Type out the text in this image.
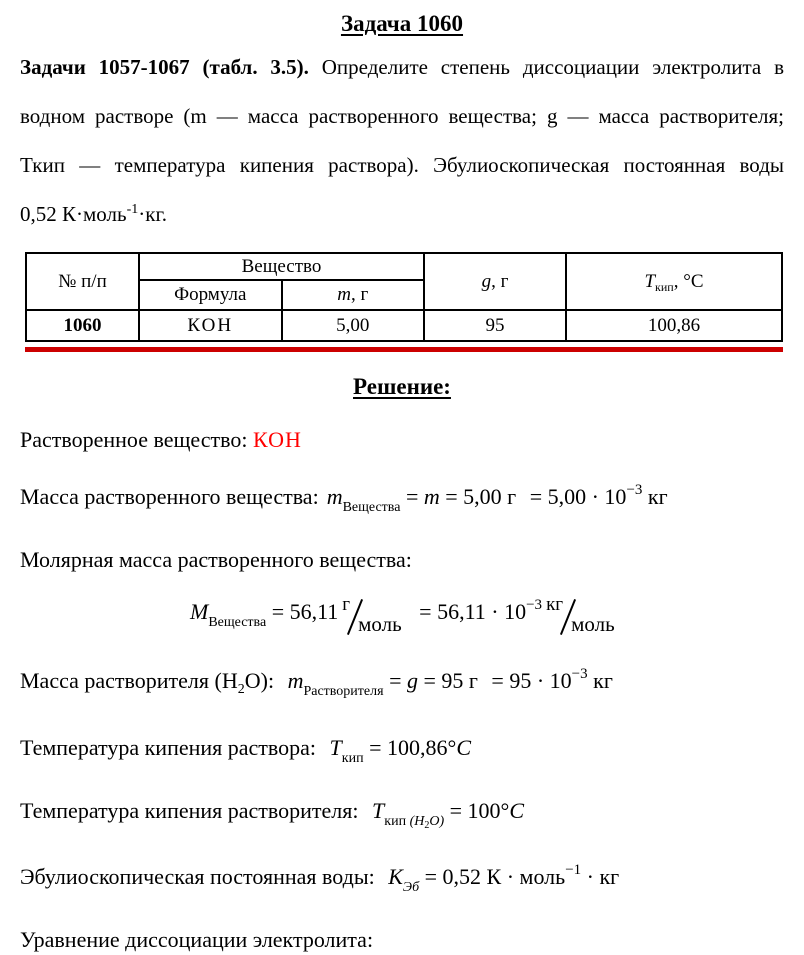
Задача 1060
Задачи 1057-1067 (табл. 3.5). Определите степень диссоциации электролита в
водном растворе (m — масса растворенного вещества; g — масса растворителя;
Ткип — температура кипения раствора). Эбулиоскопическая постоянная воды
0,52 К·моль$^{-1}$·кг.
№ п/п	Вещество		g, г	$T_{кип}$, °С
	Формула	m, г		
1060	КОН	5,00	95	100,86
Решение:
Растворенное вещество: КОН
Масса растворенного вещества: $m_{Вещества} = m = 5,00$ $г = 5,00 \cdot 10^{-3}$ кг
Молярная масса растворенного вещества:
$M_{Вещества} = 56,11$ гмоль = $56,11 \cdot 10^{-3}$ кгмоль
Масса растворителя $(H_2O)$: $m_{Растворителя} = g = 95$ $г = 95 \cdot 10^{-3}$ кг
Температура кипения раствора: $T_{кип} = 100,86^\circ C$
Температура кипения растворителя: $T_{кип (H_2O)} = 100^\circ C$
Эбулиоскопическая постоянная воды: $K_{Эб} = 0,52$ К · моль$^{-1}$ · кг
Уравнение диссоциации электролита:
